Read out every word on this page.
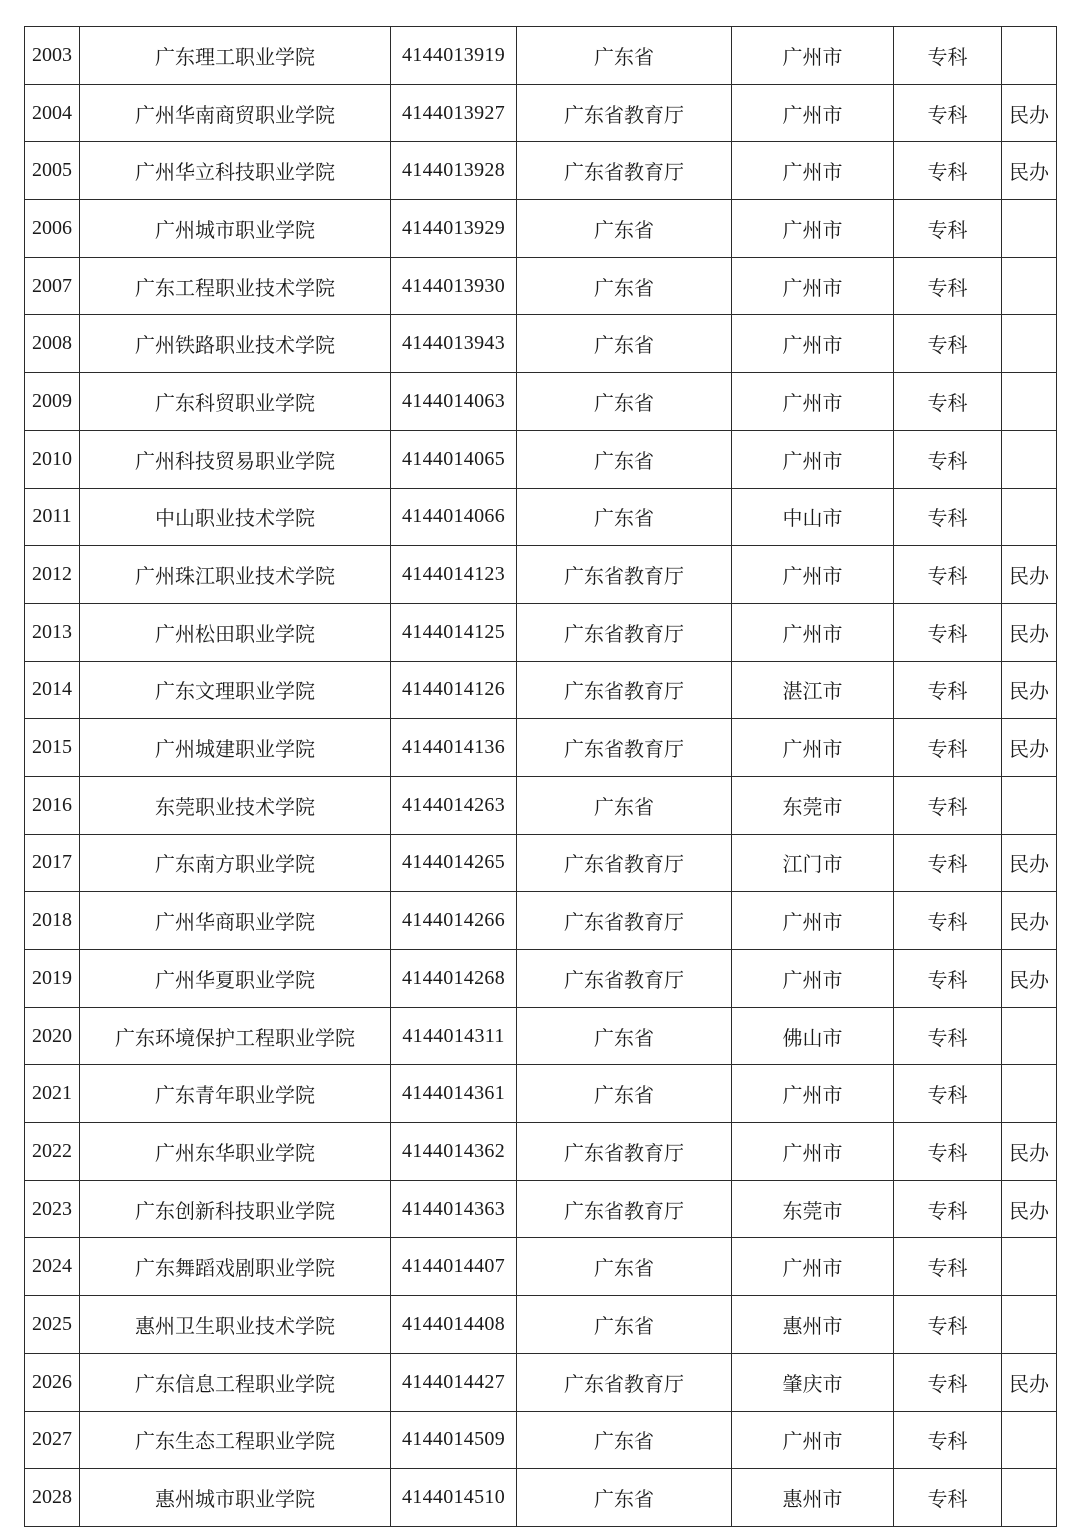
2003	广东理工职业学院	4144013919	广东省	广州市	专科	
2004	广州华南商贸职业学院	4144013927	广东省教育厅	广州市	专科	民办
2005	广州华立科技职业学院	4144013928	广东省教育厅	广州市	专科	民办
2006	广州城市职业学院	4144013929	广东省	广州市	专科	
2007	广东工程职业技术学院	4144013930	广东省	广州市	专科	
2008	广州铁路职业技术学院	4144013943	广东省	广州市	专科	
2009	广东科贸职业学院	4144014063	广东省	广州市	专科	
2010	广州科技贸易职业学院	4144014065	广东省	广州市	专科	
2011	中山职业技术学院	4144014066	广东省	中山市	专科	
2012	广州珠江职业技术学院	4144014123	广东省教育厅	广州市	专科	民办
2013	广州松田职业学院	4144014125	广东省教育厅	广州市	专科	民办
2014	广东文理职业学院	4144014126	广东省教育厅	湛江市	专科	民办
2015	广州城建职业学院	4144014136	广东省教育厅	广州市	专科	民办
2016	东莞职业技术学院	4144014263	广东省	东莞市	专科	
2017	广东南方职业学院	4144014265	广东省教育厅	江门市	专科	民办
2018	广州华商职业学院	4144014266	广东省教育厅	广州市	专科	民办
2019	广州华夏职业学院	4144014268	广东省教育厅	广州市	专科	民办
2020	广东环境保护工程职业学院	4144014311	广东省	佛山市	专科	
2021	广东青年职业学院	4144014361	广东省	广州市	专科	
2022	广州东华职业学院	4144014362	广东省教育厅	广州市	专科	民办
2023	广东创新科技职业学院	4144014363	广东省教育厅	东莞市	专科	民办
2024	广东舞蹈戏剧职业学院	4144014407	广东省	广州市	专科	
2025	惠州卫生职业技术学院	4144014408	广东省	惠州市	专科	
2026	广东信息工程职业学院	4144014427	广东省教育厅	肇庆市	专科	民办
2027	广东生态工程职业学院	4144014509	广东省	广州市	专科	
2028	惠州城市职业学院	4144014510	广东省	惠州市	专科	
